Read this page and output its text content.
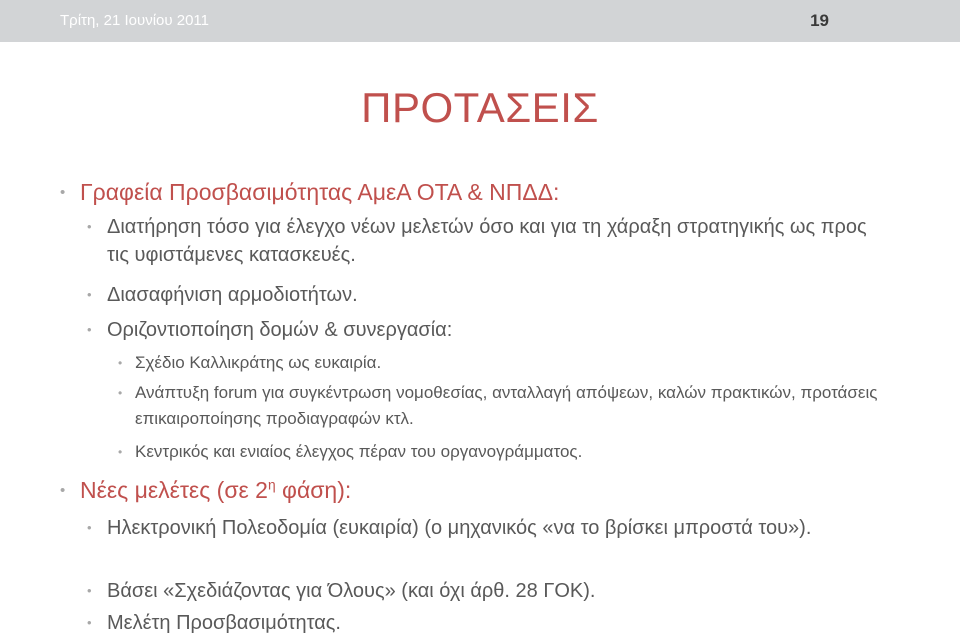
Τρίτη, 21 Ιουνίου 2011	19
ΠΡΟΤΑΣΕΙΣ
• Γραφεία Προσβασιμότητας ΑμεΑ ΟΤΑ & ΝΠΔΔ:
• Διατήρηση τόσο για έλεγχο νέων μελετών όσο και για τη χάραξη στρατηγικής ως προς τις υφιστάμενες κατασκευές.
• Διασαφήνιση αρμοδιοτήτων.
• Οριζοντιοποίηση δομών & συνεργασία:
• Σχέδιο Καλλικράτης ως ευκαιρία.
• Ανάπτυξη forum για συγκέντρωση νομοθεσίας, ανταλλαγή απόψεων, καλών πρακτικών, προτάσεις επικαιροποίησης προδιαγραφών κτλ.
• Κεντρικός και ενιαίος έλεγχος πέραν του οργανογράμματος.
• Νέες μελέτες (σε $2^\eta$ φάση):
• Ηλεκτρονική Πολεοδομία (ευκαιρία) (ο μηχανικός «να το βρίσκει μπροστά του»).
• Βάσει «Σχεδιάζοντας για Όλους» (και όχι άρθ. 28 ΓΟΚ).
• Μελέτη Προσβασιμότητας.
